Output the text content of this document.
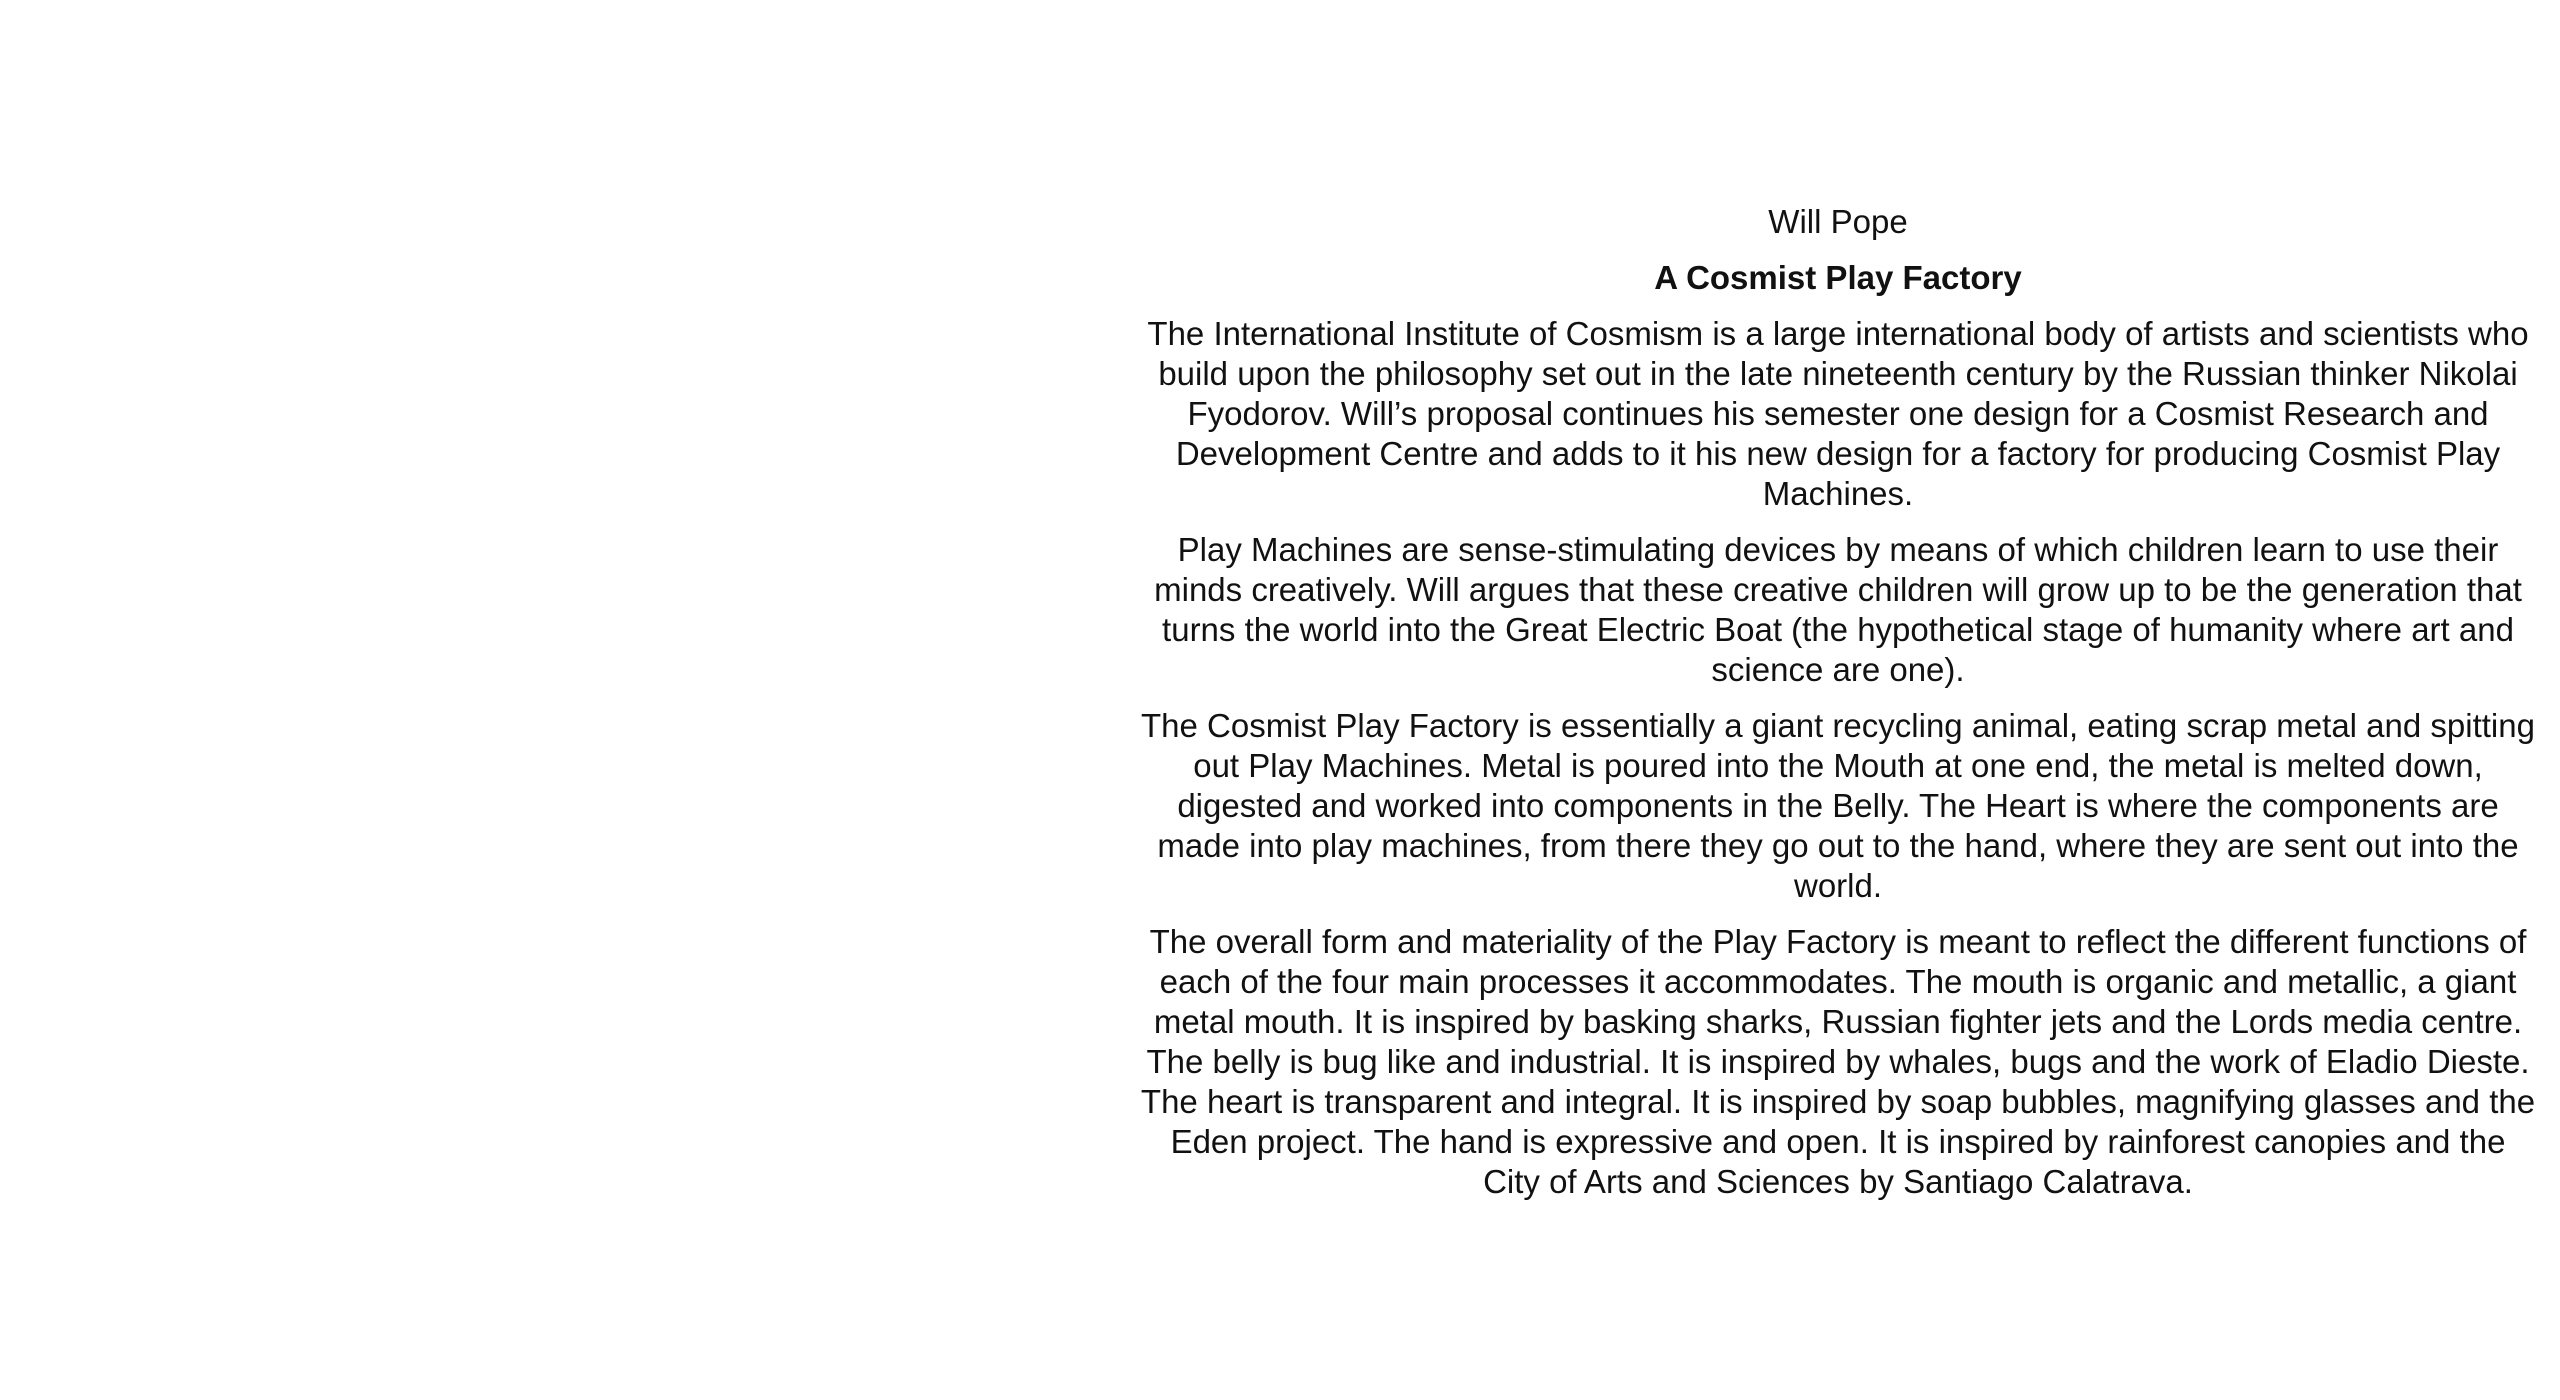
Will Pope

A Cosmist Play Factory

The International Institute of Cosmism is a large international body of artists and scientists who build upon the philosophy set out in the late nineteenth century by the Russian thinker Nikolai Fyodorov. Will’s proposal continues his semester one design for a Cosmist Research and Development Centre and adds to it his new design for a factory for producing Cosmist Play Machines.

Play Machines are sense-stimulating devices by means of which children learn to use their minds creatively. Will argues that these creative children will grow up to be the generation that turns the world into the Great Electric Boat (the hypothetical stage of humanity where art and science are one).

The Cosmist Play Factory is essentially a giant recycling animal, eating scrap metal and spitting out Play Machines. Metal is poured into the Mouth at one end, the metal is melted down, digested and worked into components in the Belly. The Heart is where the components are made into play machines, from there they go out to the hand, where they are sent out into the world.

The overall form and materiality of the Play Factory is meant to reflect the different functions of each of the four main processes it accommodates. The mouth is organic and metallic, a giant metal mouth. It is inspired by basking sharks, Russian fighter jets and the Lords media centre. The belly is bug like and industrial. It is inspired by whales, bugs and the work of Eladio Dieste. The heart is transparent and integral. It is inspired by soap bubbles, magnifying glasses and the Eden project. The hand is expressive and open. It is inspired by rainforest canopies and the City of Arts and Sciences by Santiago Calatrava.
